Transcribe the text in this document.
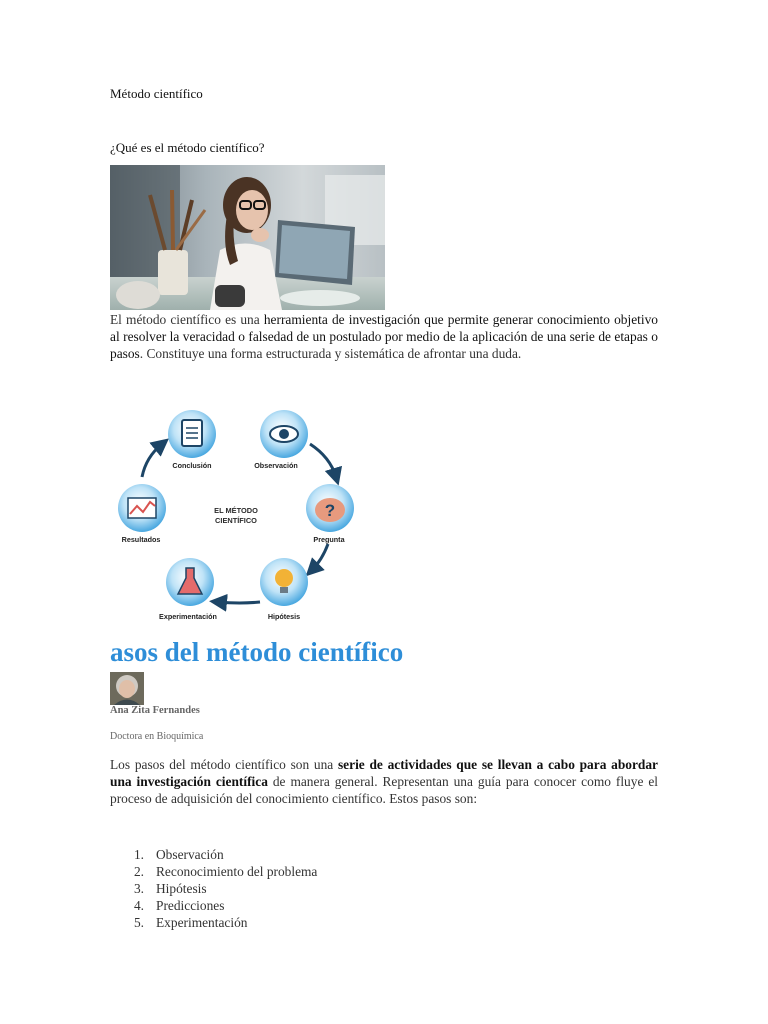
Método científico
¿Qué es el método científico?
El método científico es una herramienta de investigación que permite generar conocimiento objetivo al resolver la veracidad o falsedad de un postulado por medio de la aplicación de una serie de etapas o pasos. Constituye una forma estructurada y sistemática de afrontar una duda.
Conclusión	Observación
?
Pregunta
Hipótesis
Experimentación
Resultados
EL MÉTODO
CIENTÍFICO
asos del método científico
Ana Zita Fernandes
Doctora en Bioquímica
Los pasos del método científico son una serie de actividades que se llevan a cabo para abordar una investigación científica de manera general. Representan una guía para conocer como fluye el proceso de adquisición del conocimiento científico. Estos pasos son:
1. Observación
2. Reconocimiento del problema
3. Hipótesis
4. Predicciones
5. Experimentación
